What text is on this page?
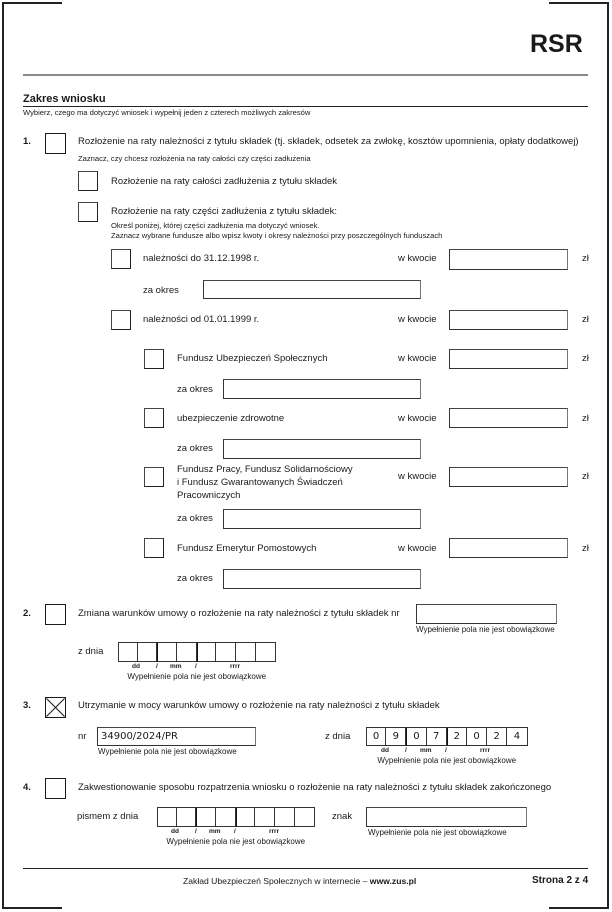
RSR
Zakres wniosku
Wybierz, czego ma dotyczyć wniosek i wypełnij jeden z czterech możliwych zakresów
1.	Rozłożenie na raty należności z tytułu składek (tj. składek, odsetek za zwłokę, kosztów upomnienia, opłaty dodatkowej)
Zaznacz, czy chcesz rozłożenia na raty całości czy części zadłużenia
Rozłożenie na raty całości zadłużenia z tytułu składek
Rozłożenie na raty części zadłużenia z tytułu składek:
Określ poniżej, której części zadłużenia ma dotyczyć wniosek.
Zaznacz wybrane fundusze albo wpisz kwoty i okresy należności przy poszczególnych funduszach
należności do 31.12.1998 r.	w kwocie	zł
za okres
należności od 01.01.1999 r.	w kwocie	zł
Fundusz Ubezpieczeń Społecznych	w kwocie	zł
za okres
ubezpieczenie zdrowotne	w kwocie	zł
za okres
Fundusz Pracy, Fundusz Solidarnościowy
i Fundusz Gwarantowanych Świadczeń
Pracowniczych
w kwocie	zł
za okres
Fundusz Emerytur Pomostowych	w kwocie	zł
za okres
2.	Zmiana warunków umowy o rozłożenie na raty należności z tytułu składek nr
Wypełnienie pola nie jest obowiązkowe
z dnia
dd / mm /	rrrr
Wypełnienie pola nie jest obowiązkowe
3.	Utrzymanie w mocy warunków umowy o rozłożenie na raty należności z tytułu składek
nr
34900/2024/PR
Wypełnienie pola nie jest obowiązkowe
z dnia
0
9
0
7
2
0
2
4
dd / mm /	rrrr
Wypełnienie pola nie jest obowiązkowe
4.	Zakwestionowanie sposobu rozpatrzenia wniosku o rozłożenie na raty należności z tytułu składek zakończonego
pismem z dnia
dd / mm /	rrrr
Wypełnienie pola nie jest obowiązkowe
znak
Wypełnienie pola nie jest obowiązkowe
Zakład Ubezpieczeń Społecznych w internecie – www.zus.pl	Strona 2 z 4
